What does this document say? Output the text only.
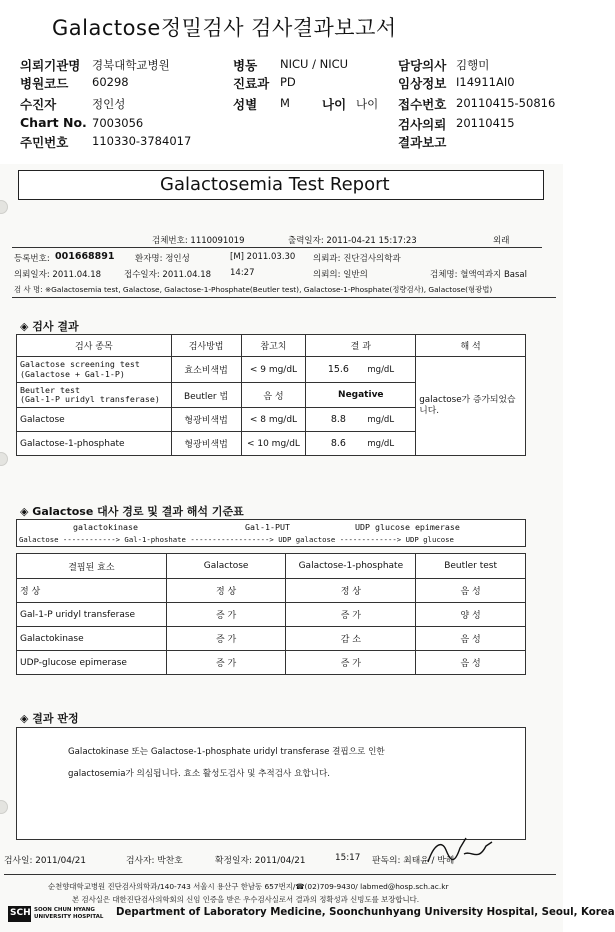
Galactose정밀검사 검사결과보고서
의뢰기관명 경북대학교병원	병동 NICU / NICU	담당의사 김행미
병원코드 60298	진료과 PD	임상정보 I14911AI0
수진자	정인성	성별 M	나이 나이 접수번호 20110415-50816
Chart No. 7003056	검사의뢰 20110415
주민번호 110330-3784017	결과보고
Galactosemia Test Report
검체번호: 1110091019	출력일자: 2011-04-21 15:17:23	외래
등록번호: 001668891 환자명: 정인성	[M] 2011.03.30 의뢰과: 진단검사의학과
의뢰일자: 2011.04.18	접수일자: 2011.04.18 14:27	의뢰의: 일반의	검체명: 혈액여과지 Basal
검 사 명: ※Galactosemia test, Galactose, Galactose-1-Phosphate(Beutler test), Galactose-1-Phosphate(정량검사), Galactose(형광법)
◈ 검사 결과
검사 종목	검사방법	참고치	결 과	해 석
Galactose screening test
(Galactose + Gal-1-P)	효소비색법	< 9 mg/dL	15.6 mg/dL	galactose가 증가되었습니다.
Beutler test
(Gal-1-P uridyl transferase)	Beutler 법	음 성	Negative	
Galactose	형광비색법	< 8 mg/dL	8.8 mg/dL	
Galactose-1-phosphate	형광비색법	< 10 mg/dL	8.6 mg/dL	
◈ Galactose 대사 경로 및 결과 해석 기준표
galactokinase	Gal-1-PUT	UDP glucose epimerase
Galactose ------------> Gal-1-phoshate ------------------> UDP galactose -------------> UDP glucose
결핍된 효소	Galactose	Galactose-1-phosphate	Beutler test
정 상	정 상	정 상	음 성
Gal-1-P uridyl transferase	증 가	증 가	양 성
Galactokinase	증 가	감 소	음 성
UDP-glucose epimerase	증 가	증 가	음 성
◈ 결과 판정
Galactokinase 또는 Galactose-1-phosphate uridyl transferase 결핍으로 인한
galactosemia가 의심됩니다. 효소 활성도검사 및 추적검사 요합니다.
검사일: 2011/04/21	검사자: 박찬호	확정일자: 2011/04/21	15:17 판독의: 최태윤 / 박해
순천향대학교병원 진단검사의학과/140-743 서울시 용산구 한남동 657번지/☎(02)709-9430/ labmed@hosp.sch.ac.kr
본 검사실은 대한진단검사의학회의 신임 인증을 받은 우수검사실로서 결과의 정확성과 신빙도를 보장합니다.
SCH SOON CHUN HYANG
UNIVERSITY HOSPITAL Department of Laboratory Medicine, Soonchunhyang University Hospital, Seoul, Korea
